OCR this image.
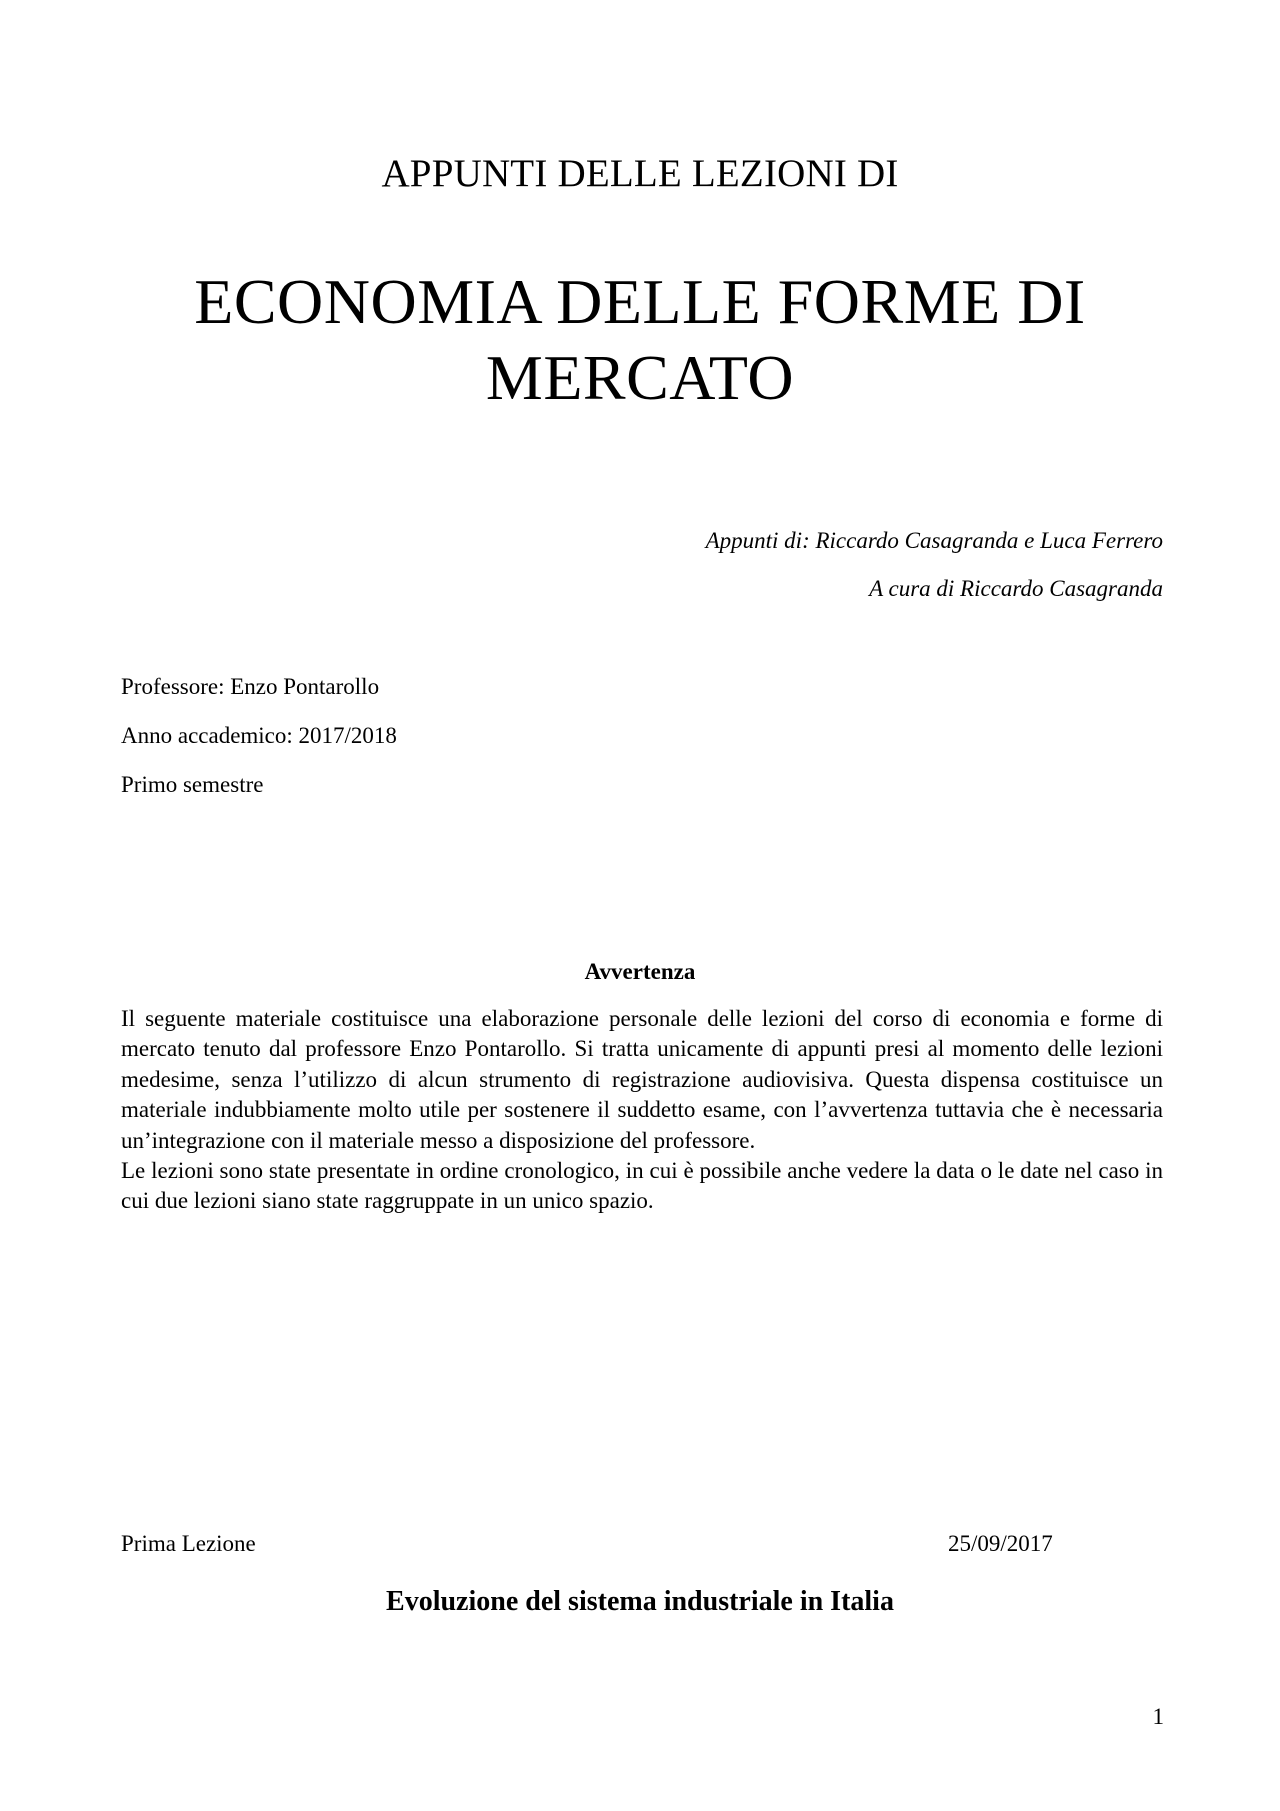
APPUNTI DELLE LEZIONI DI
ECONOMIA DELLE FORME DI
MERCATO

Appunti di: Riccardo Casagranda e Luca Ferrero

A cura di Riccardo Casagranda

Professore: Enzo Pontarollo

Anno accademico: 2017/2018

Primo semestre

Avvertenza

Il seguente materiale costituisce una elaborazione personale delle lezioni del corso di economia e forme di mercato tenuto dal professore Enzo Pontarollo. Si tratta unicamente di appunti presi al momento delle lezioni medesime, senza l’utilizzo di alcun strumento di registrazione audiovisiva. Questa dispensa costituisce un materiale indubbiamente molto utile per sostenere il suddetto esame, con l’avvertenza tuttavia che è necessaria un’integrazione con il materiale messo a disposizione del professore.

Le lezioni sono state presentate in ordine cronologico, in cui è possibile anche vedere la data o le date nel caso in cui due lezioni siano state raggruppate in un unico spazio.

Prima Lezione	25/09/2017
Evoluzione del sistema industriale in Italia
1
